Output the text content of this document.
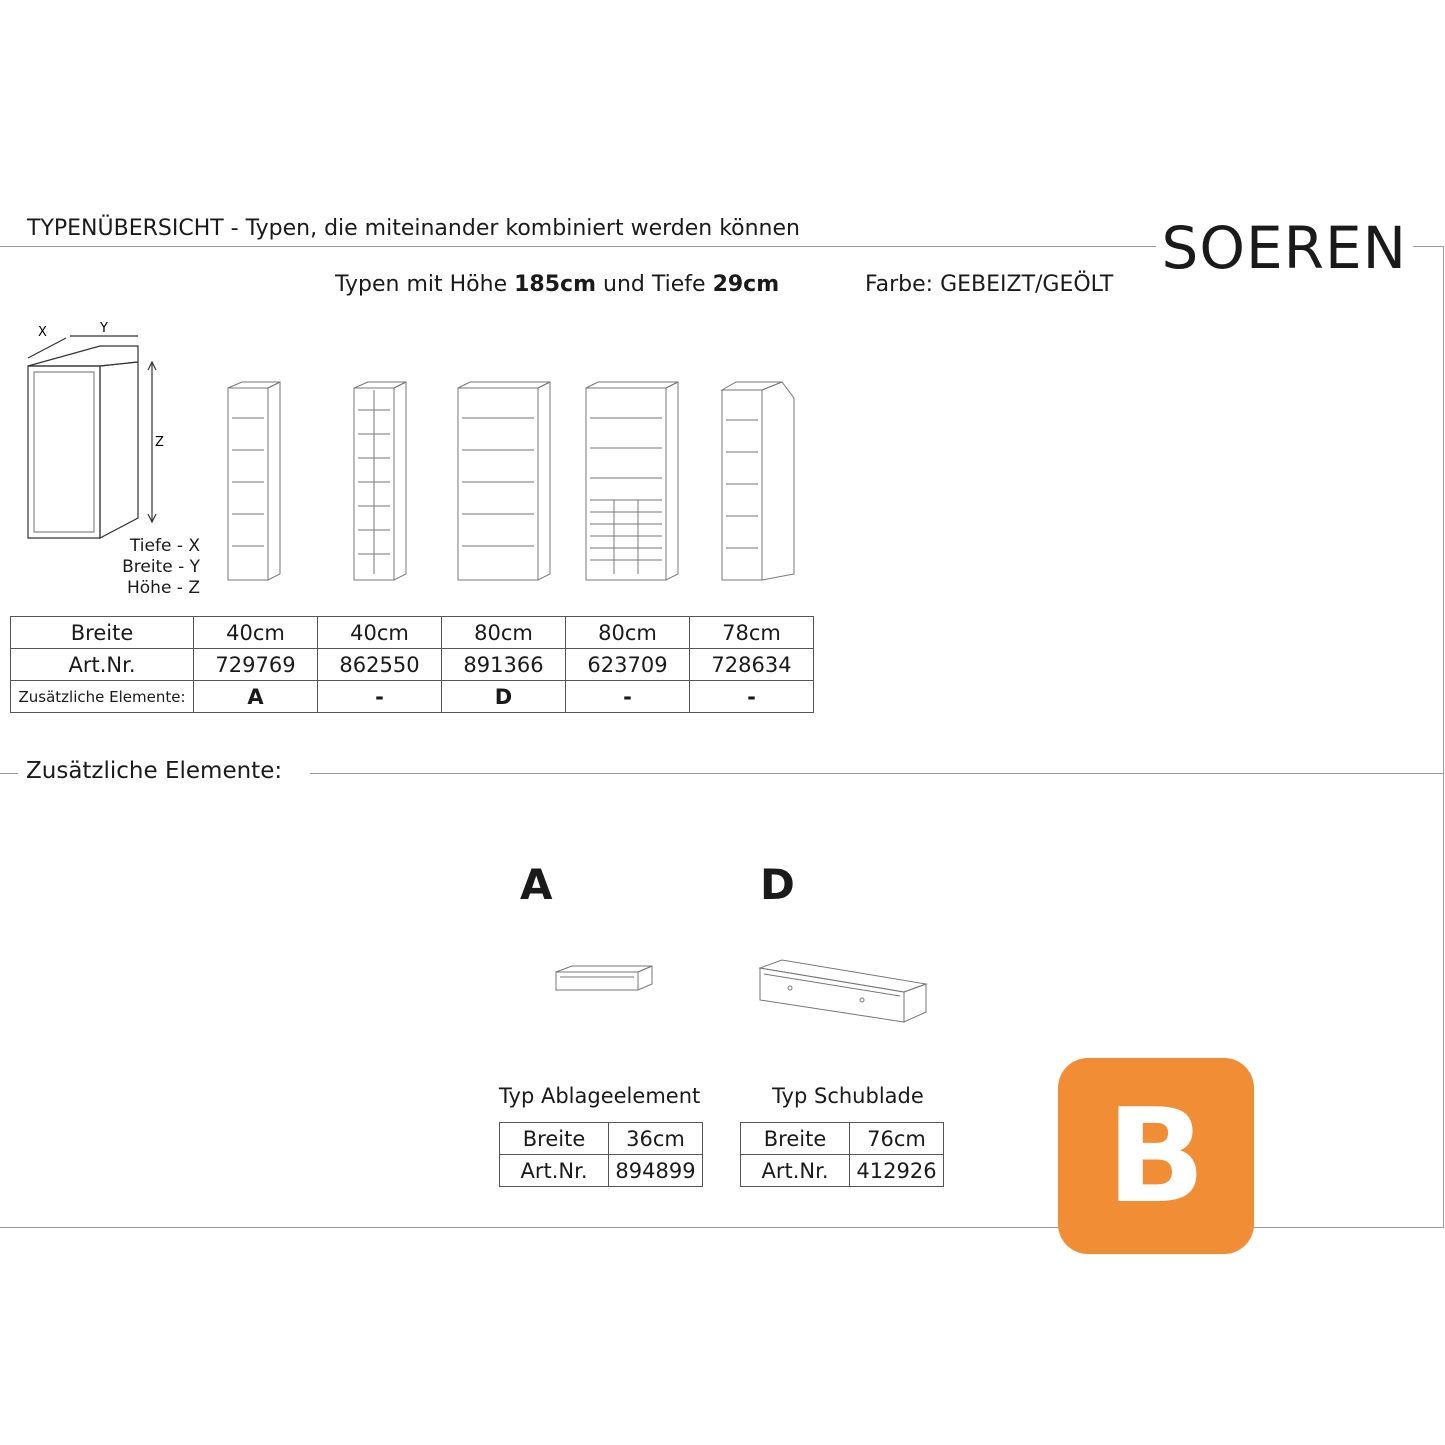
TYPENÜBERSICHT - Typen, die miteinander kombiniert werden können	SOEREN
Typen mit Höhe 185cm und Tiefe 29cm	Farbe: GEBEIZT/GEÖLT
X	Y
Z
Tiefe - X
Breite - Y
Höhe - Z
Breite	40cm	40cm	80cm	80cm	78cm
Art.Nr.	729769	862550	891366	623709	728634
Zusätzliche Elemente:	A	-	D	-	-
Zusätzliche Elemente:
A	D
Typ Ablageelement	Typ Schublade
Breite	36cm
Art.Nr.	894899
Breite	76cm
Art.Nr.	412926	B
